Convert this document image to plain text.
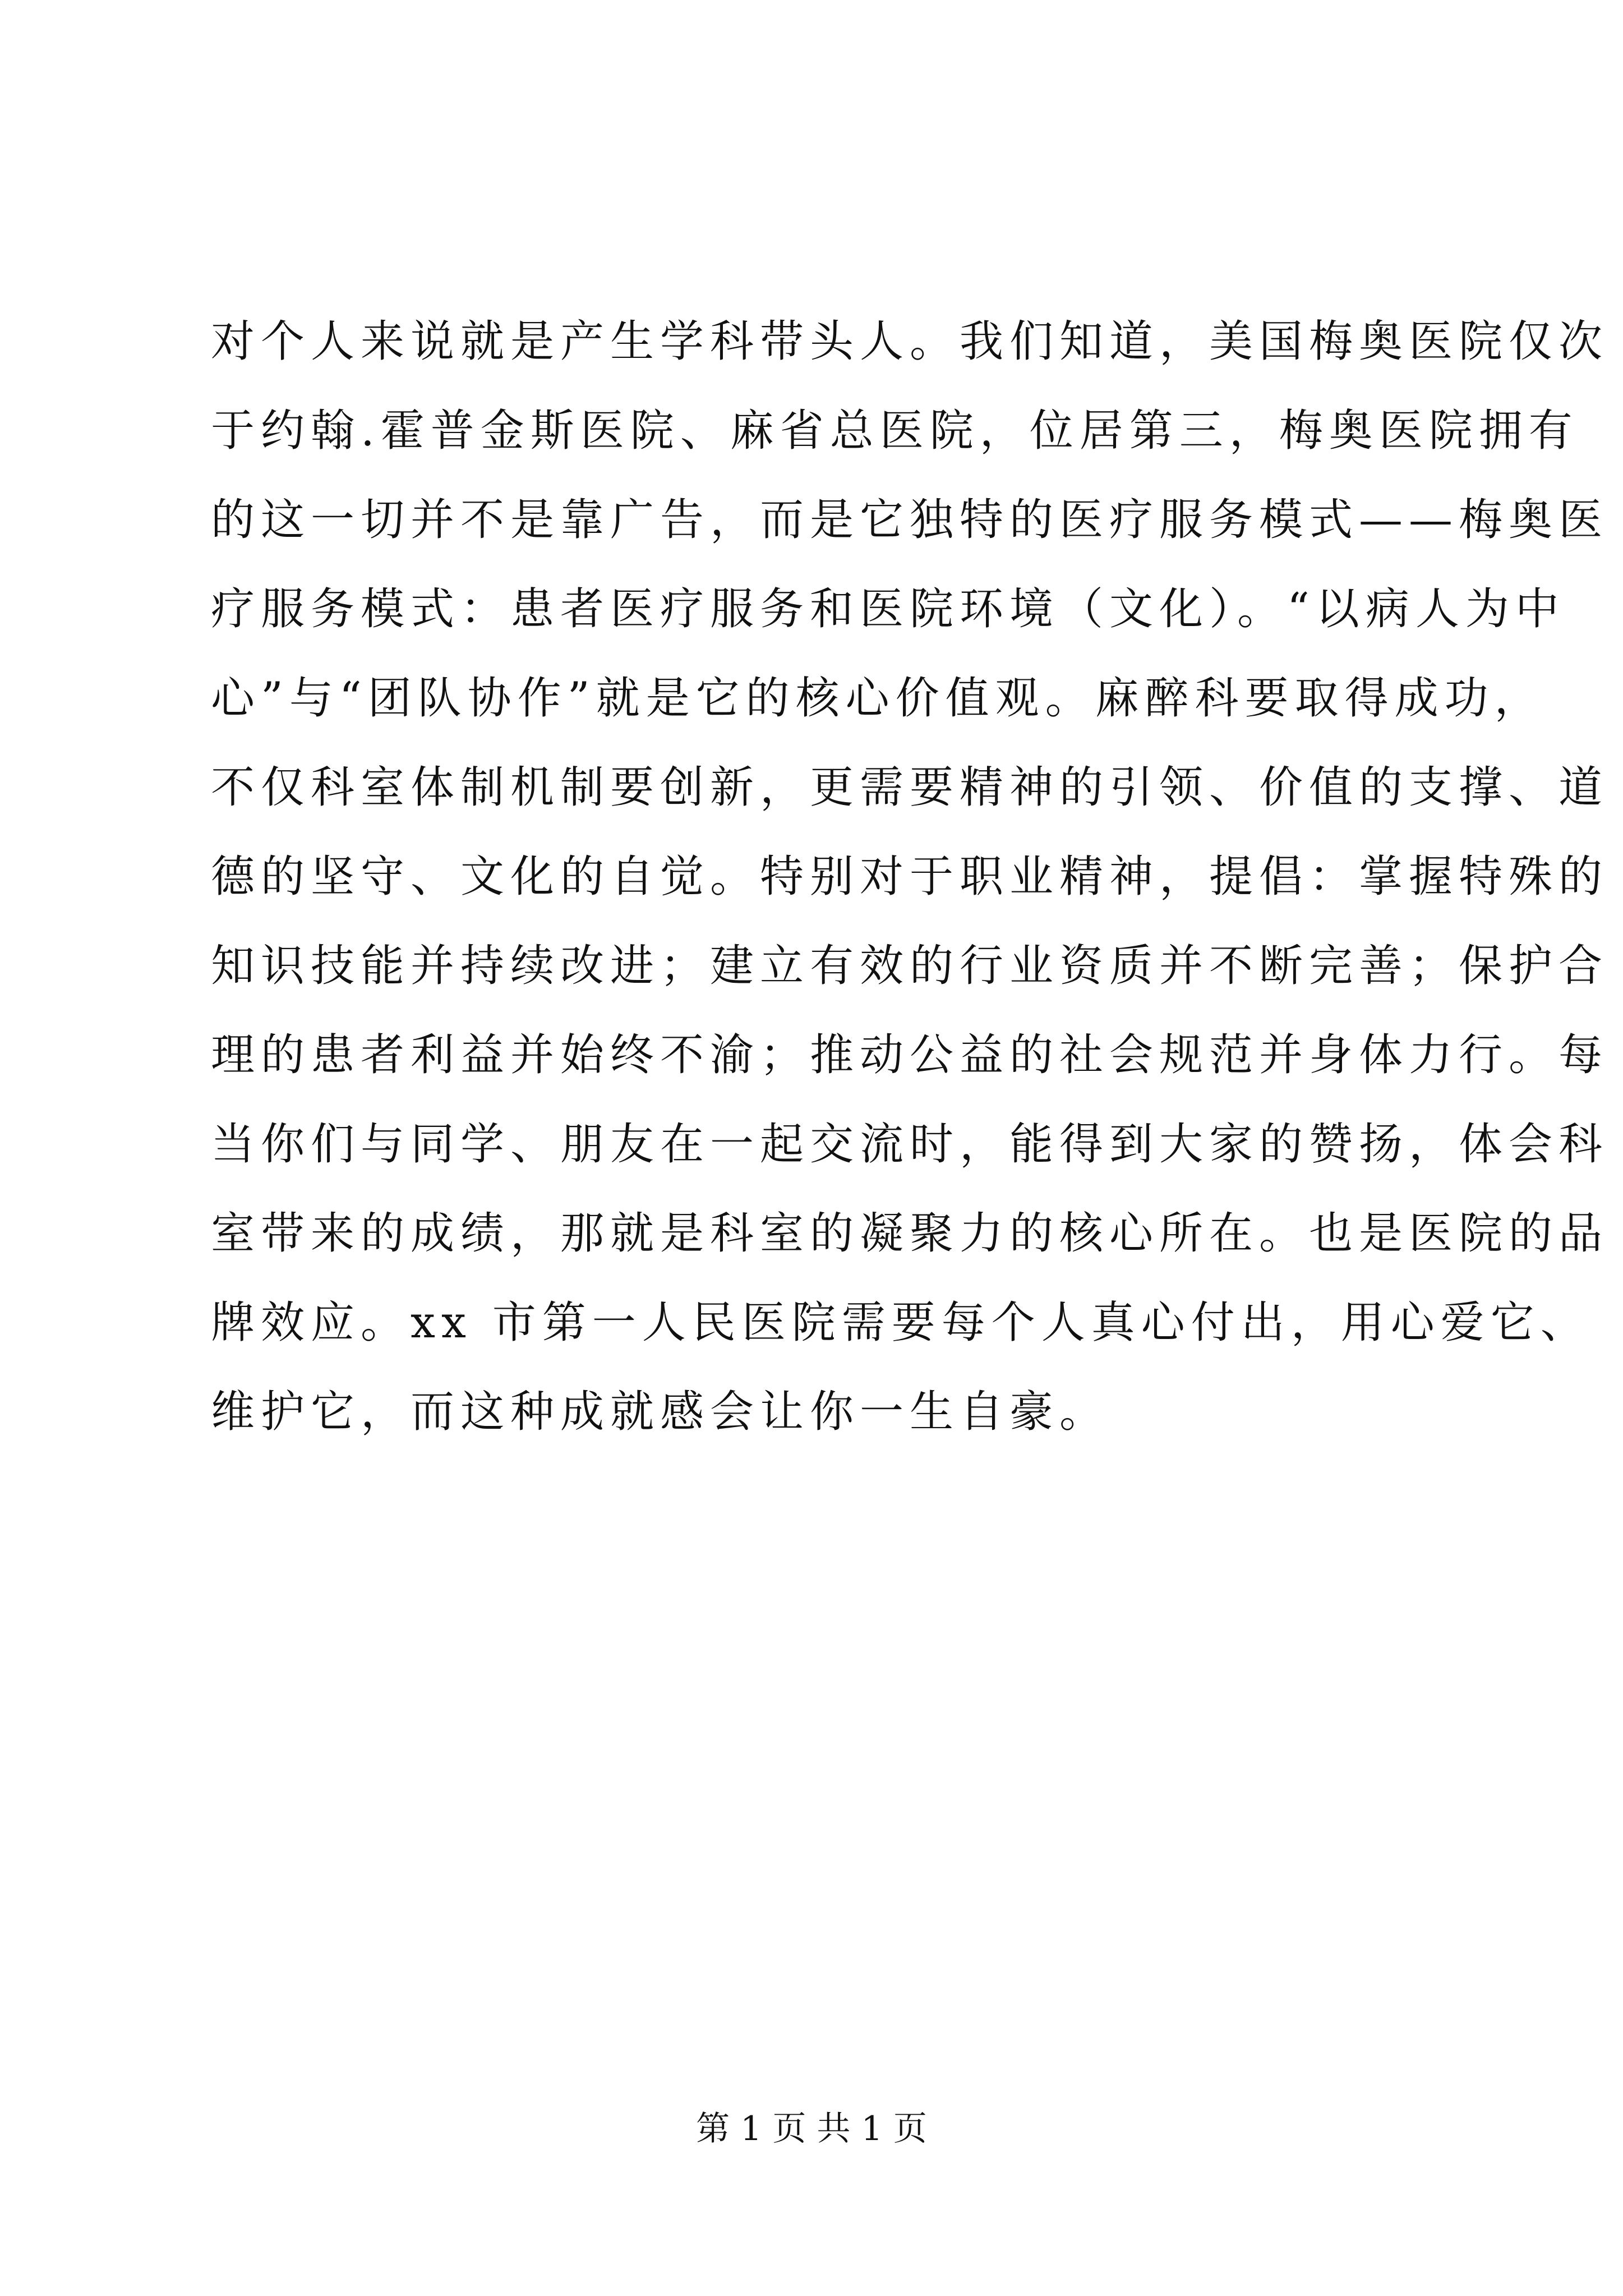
对个人来说就是产生学科带头人。我们知道，美国梅奥医院仅次
于约翰.霍普金斯医院、麻省总医院，位居第三，梅奥医院拥有
的这一切并不是靠广告，而是它独特的医疗服务模式——梅奥医
疗服务模式：患者医疗服务和医院环境（文化）。“以病人为中
心”与“团队协作”就是它的核心价值观。麻醉科要取得成功，
不仅科室体制机制要创新，更需要精神的引领、价值的支撑、道
德的坚守、文化的自觉。特别对于职业精神，提倡：掌握特殊的
知识技能并持续改进；建立有效的行业资质并不断完善；保护合
理的患者利益并始终不渝；推动公益的社会规范并身体力行。每
当你们与同学、朋友在一起交流时，能得到大家的赞扬，体会科
室带来的成绩，那就是科室的凝聚力的核心所在。也是医院的品
牌效应。xx 市第一人民医院需要每个人真心付出，用心爱它、
维护它，而这种成就感会让你一生自豪。
第 1 页 共 1 页
